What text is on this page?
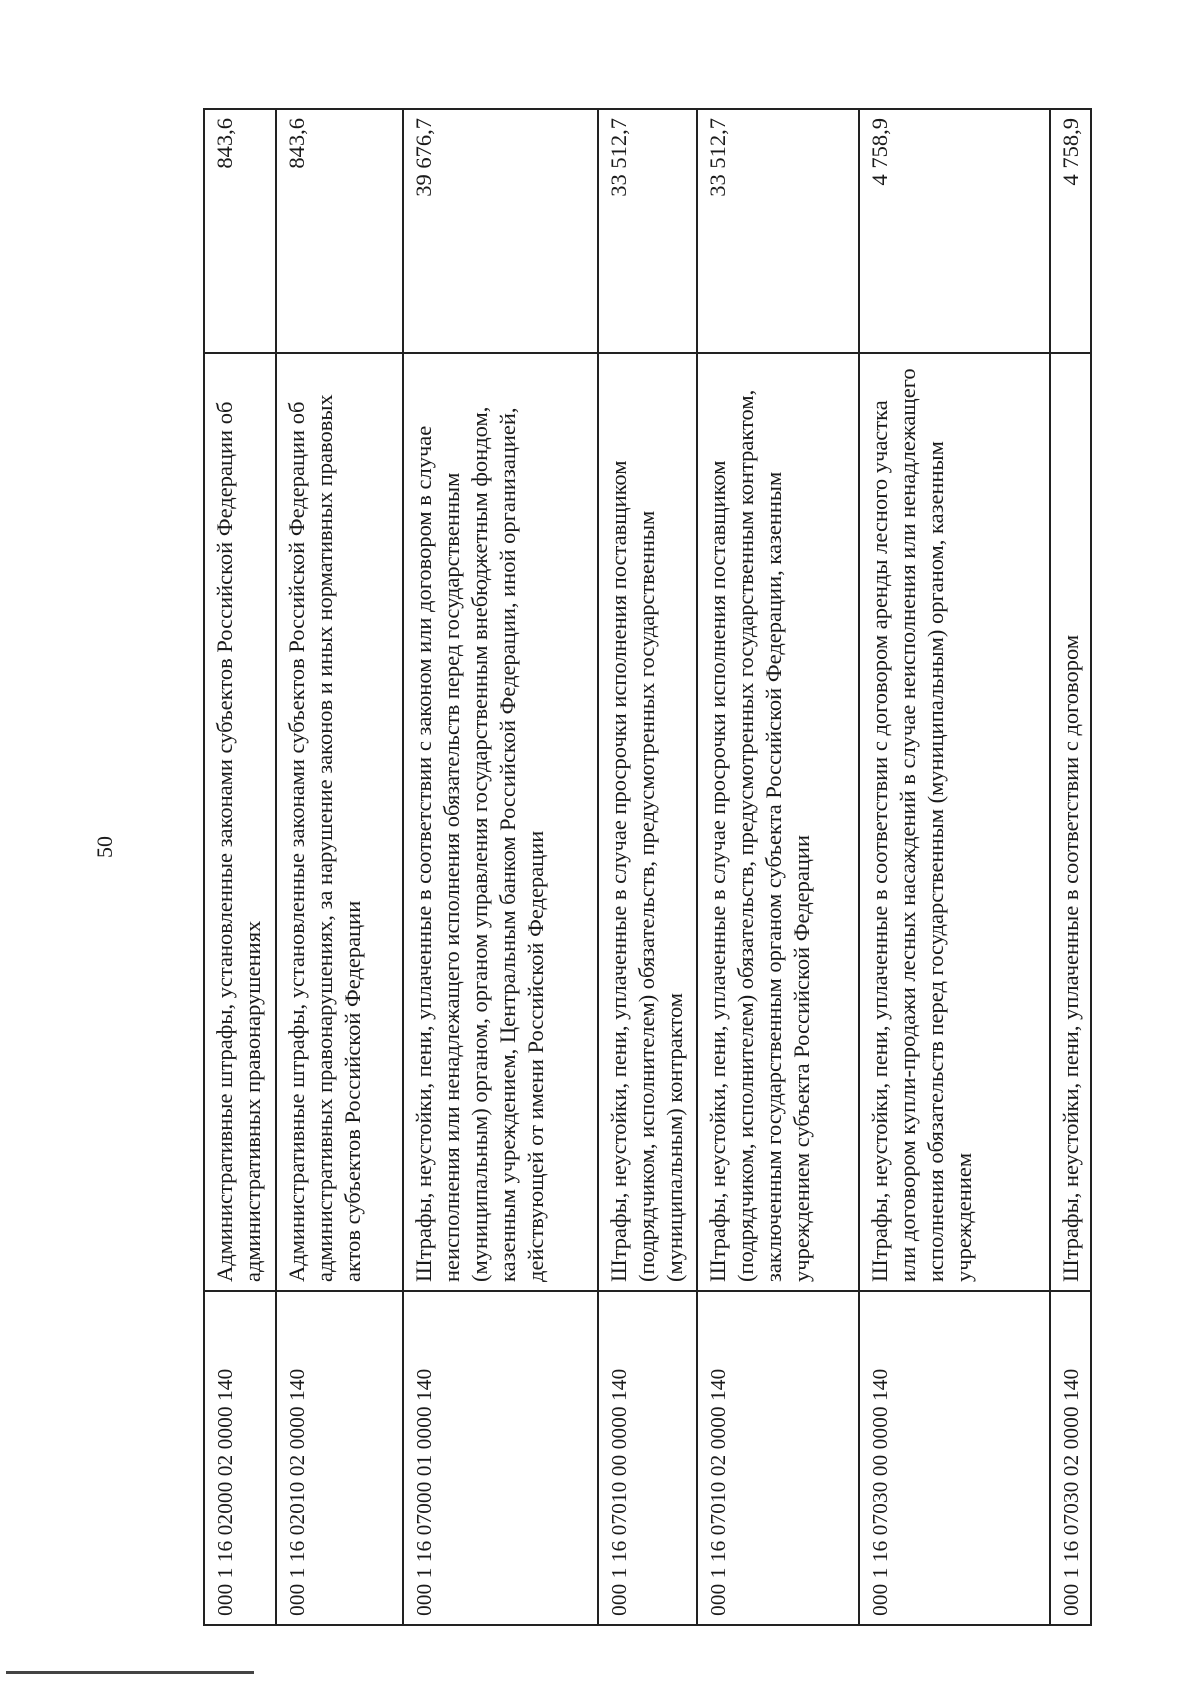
50
000 1 16 02000 02 0000 140	Административные штрафы, установленные законами субъектов Российской Федерации об административных правонарушениях	843,6
000 1 16 02010 02 0000 140	Административные штрафы, установленные законами субъектов Российской Федерации об административных правонарушениях, за нарушение законов и иных нормативных правовых актов субъектов Российской Федерации	843,6
000 1 16 07000 01 0000 140	Штрафы, неустойки, пени, уплаченные в соответствии с законом или договором в случае неисполнения или ненадлежащего исполнения обязательств перед государственным (муниципальным) органом, органом управления государственным внебюджетным фондом, казенным учреждением, Центральным банком Российской Федерации, иной организацией, действующей от имени Российской Федерации	39 676,7
000 1 16 07010 00 0000 140	Штрафы, неустойки, пени, уплаченные в случае просрочки исполнения поставщиком (подрядчиком, исполнителем) обязательств, предусмотренных государственным (муниципальным) контрактом	33 512,7
000 1 16 07010 02 0000 140	Штрафы, неустойки, пени, уплаченные в случае просрочки исполнения поставщиком (подрядчиком, исполнителем) обязательств, предусмотренных государственным контрактом, заключенным государственным органом субъекта Российской Федерации, казенным учреждением субъекта Российской Федерации	33 512,7
000 1 16 07030 00 0000 140	Штрафы, неустойки, пени, уплаченные в соответствии с договором аренды лесного участка или договором купли-продажи лесных насаждений в случае неисполнения или ненадлежащего исполнения обязательств перед государственным (муниципальным) органом, казенным учреждением	4 758,9
000 1 16 07030 02 0000 140	Штрафы, неустойки, пени, уплаченные в соответствии с договором	4 758,9
